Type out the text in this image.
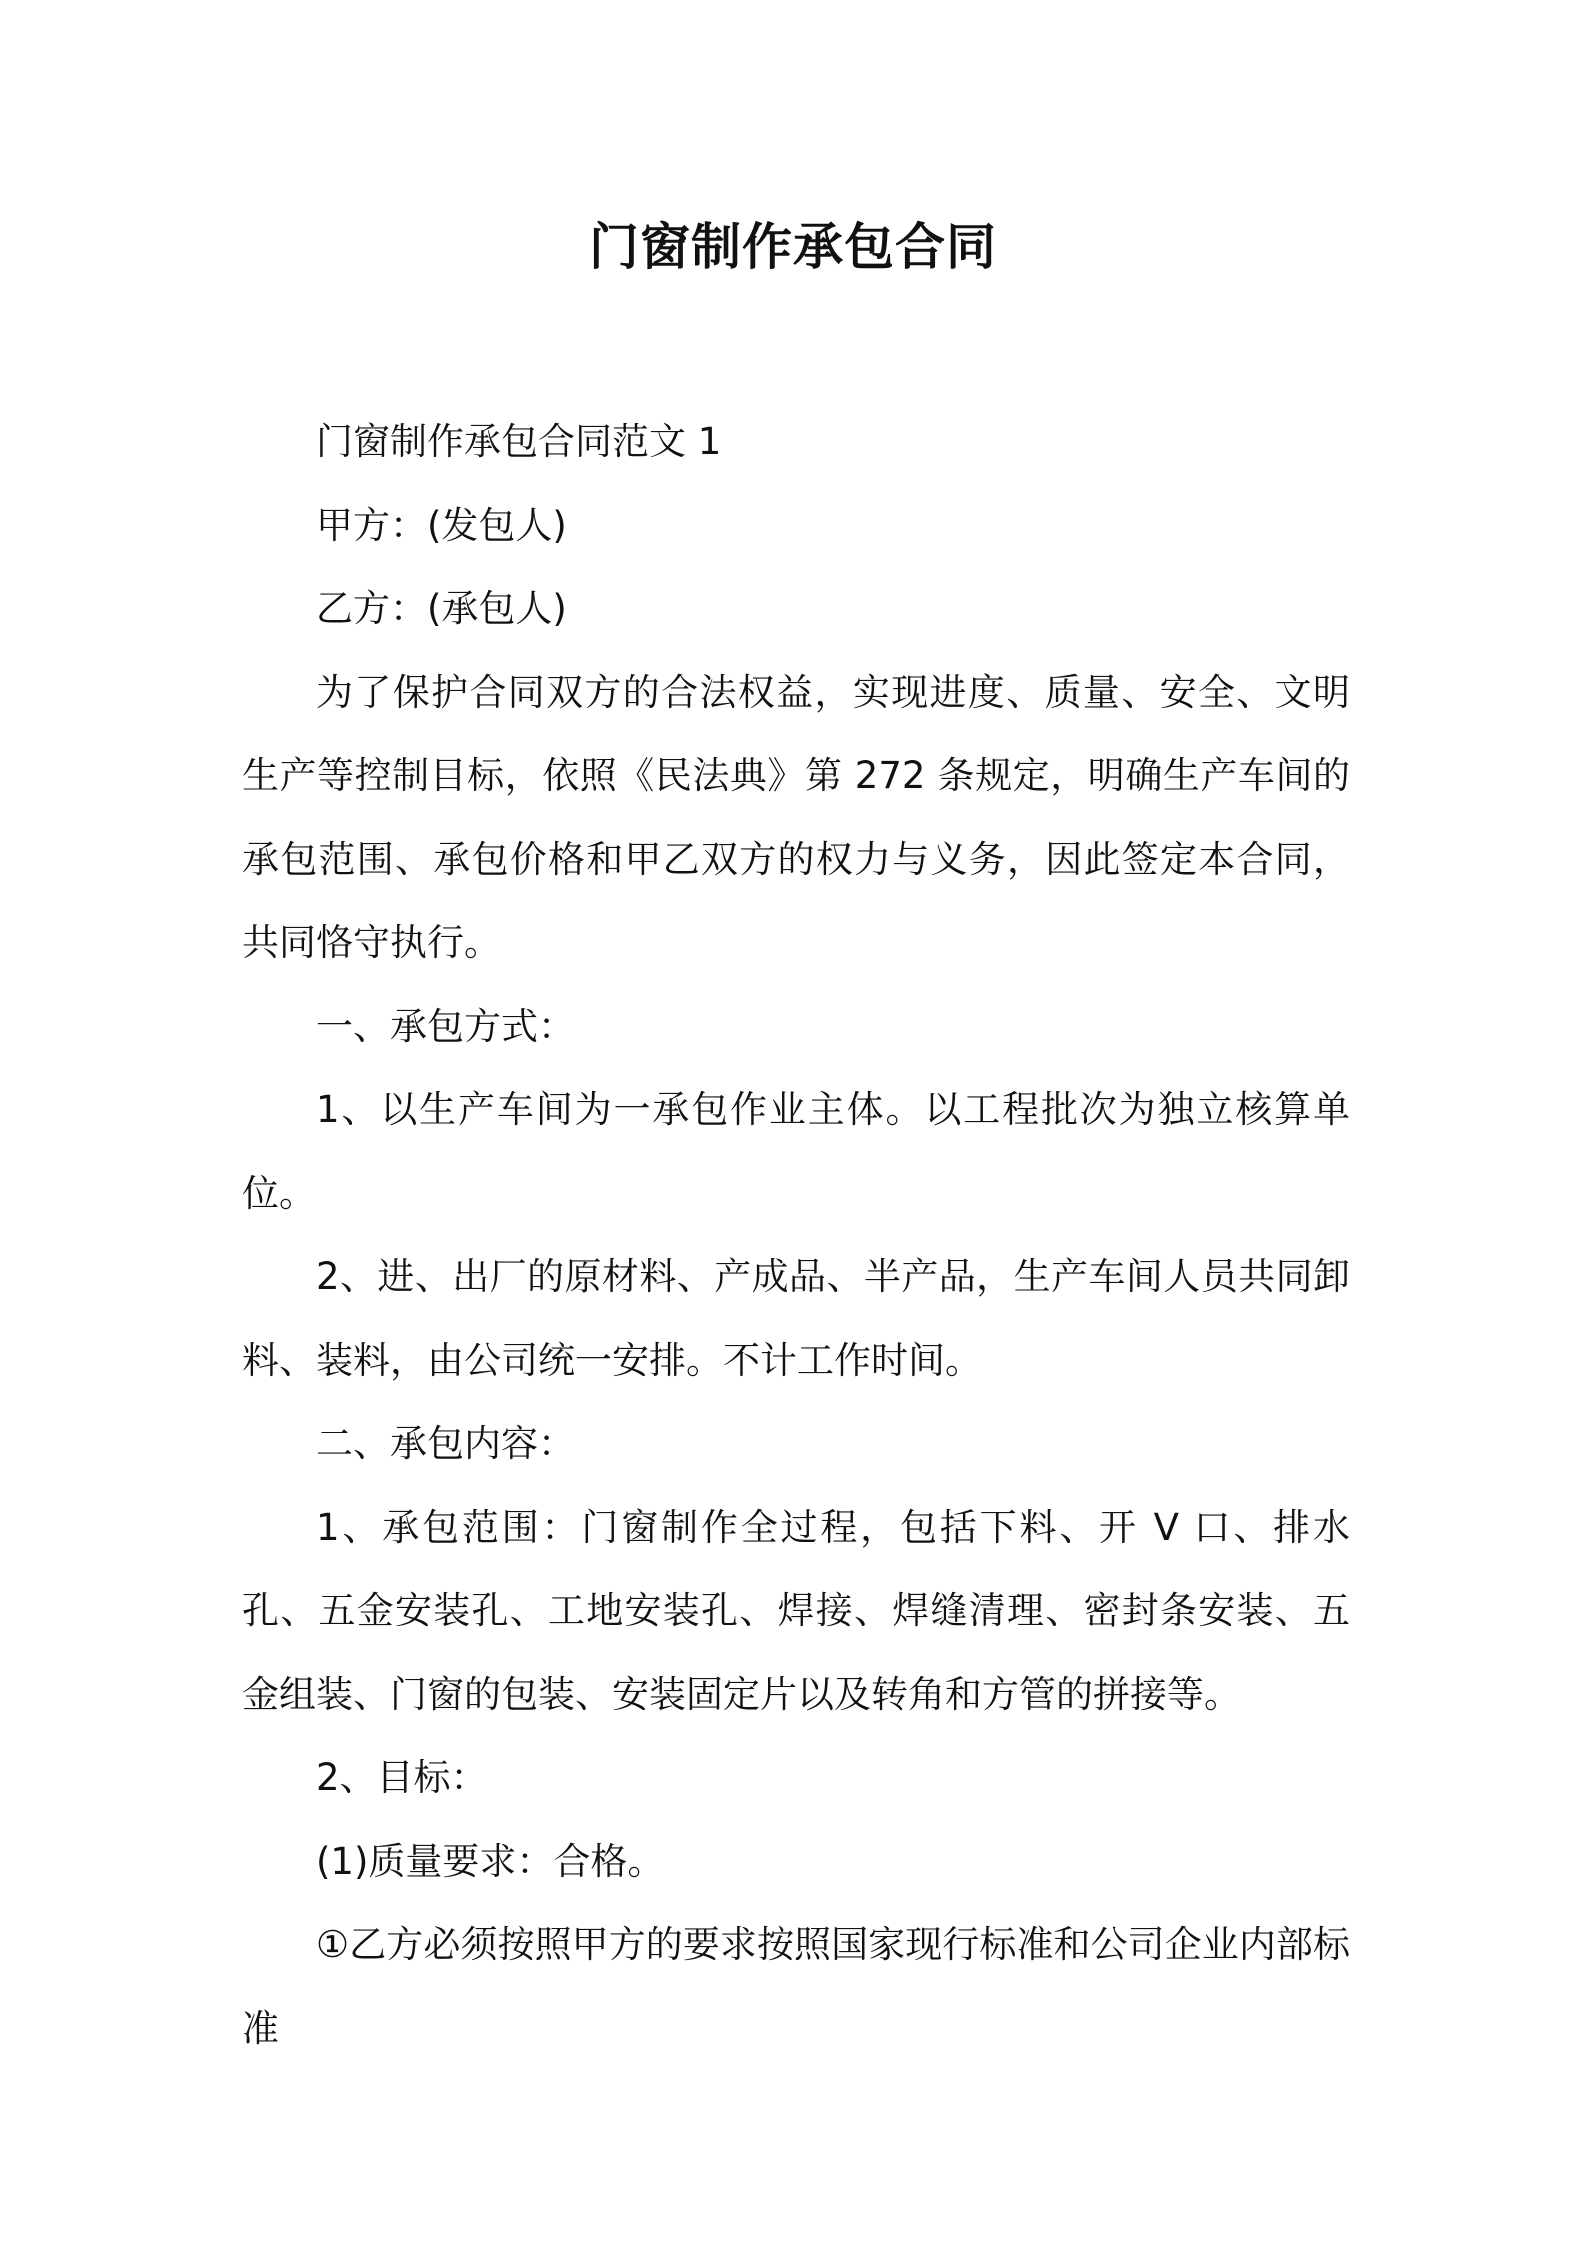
门窗制作承包合同

门窗制作承包合同范文 1

甲方：(发包人)

乙方：(承包人)

为了保护合同双方的合法权益，实现进度、质量、安全、文明生产等控制目标，依照《民法典》第 272 条规定，明确生产车间的承包范围、承包价格和甲乙双方的权力与义务，因此签定本合同，共同恪守执行。

一、承包方式：

1、以生产车间为一承包作业主体。以工程批次为独立核算单位。

2、进、出厂的原材料、产成品、半产品，生产车间人员共同卸料、装料，由公司统一安排。不计工作时间。

二、承包内容：

1、承包范围：门窗制作全过程，包括下料、开 V 口、排水孔、五金安装孔、工地安装孔、焊接、焊缝清理、密封条安装、五金组装、门窗的包装、安装固定片以及转角和方管的拼接等。

2、目标：

(1)质量要求：合格。

①乙方必须按照甲方的要求按照国家现行标准和公司企业内部标准
